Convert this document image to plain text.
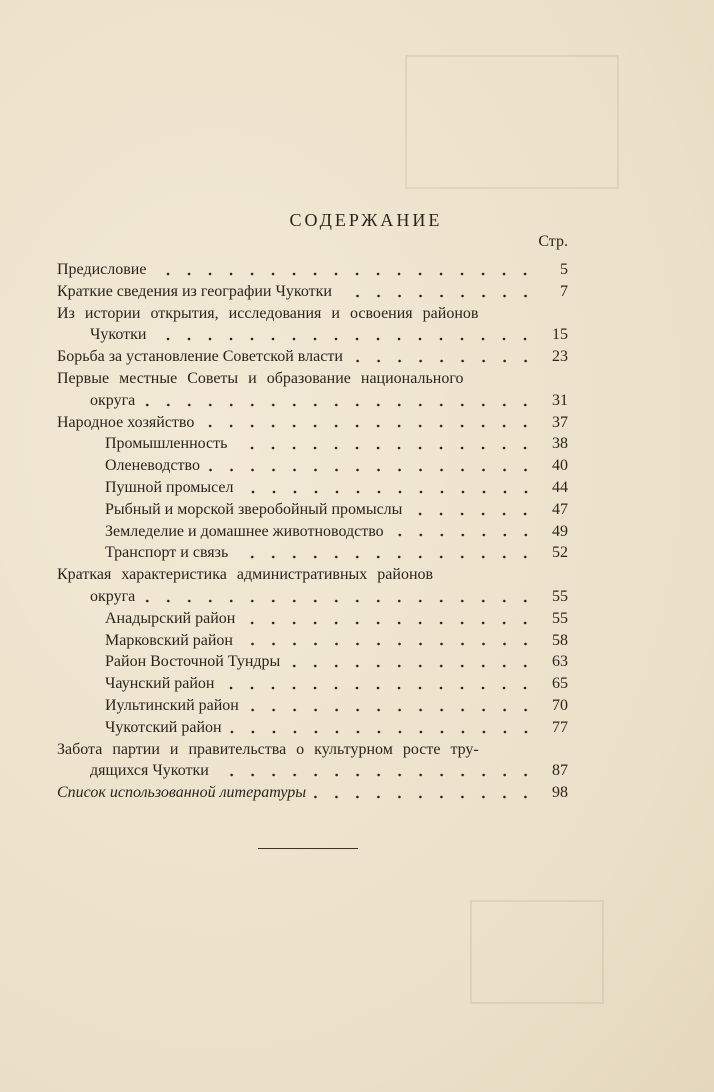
СОДЕРЖАНИЕ
Стр.
Предисловие	5
Краткие сведения из географии Чукотки	7
Из истории открытия, исследования и освоения районов
Чукотки	15
Борьба за установление Советской власти	23
Первые местные Советы и образование национального
округа	31
Народное хозяйство	37
Промышленность	38
Оленеводство	40
Пушной промысел	44
Рыбный и морской зверобойный промыслы	47
Земледелие и домашнее животноводство	49
Транспорт и связь	52
Краткая характеристика административных районов
округа	55
Анадырский район	55
Марковский район	58
Район Восточной Тундры	63
Чаунский район	65
Иультинский район	70
Чукотский район	77
Забота партии и правительства о культурном росте тру-
дящихся Чукотки	87
Список использованной литературы	98
